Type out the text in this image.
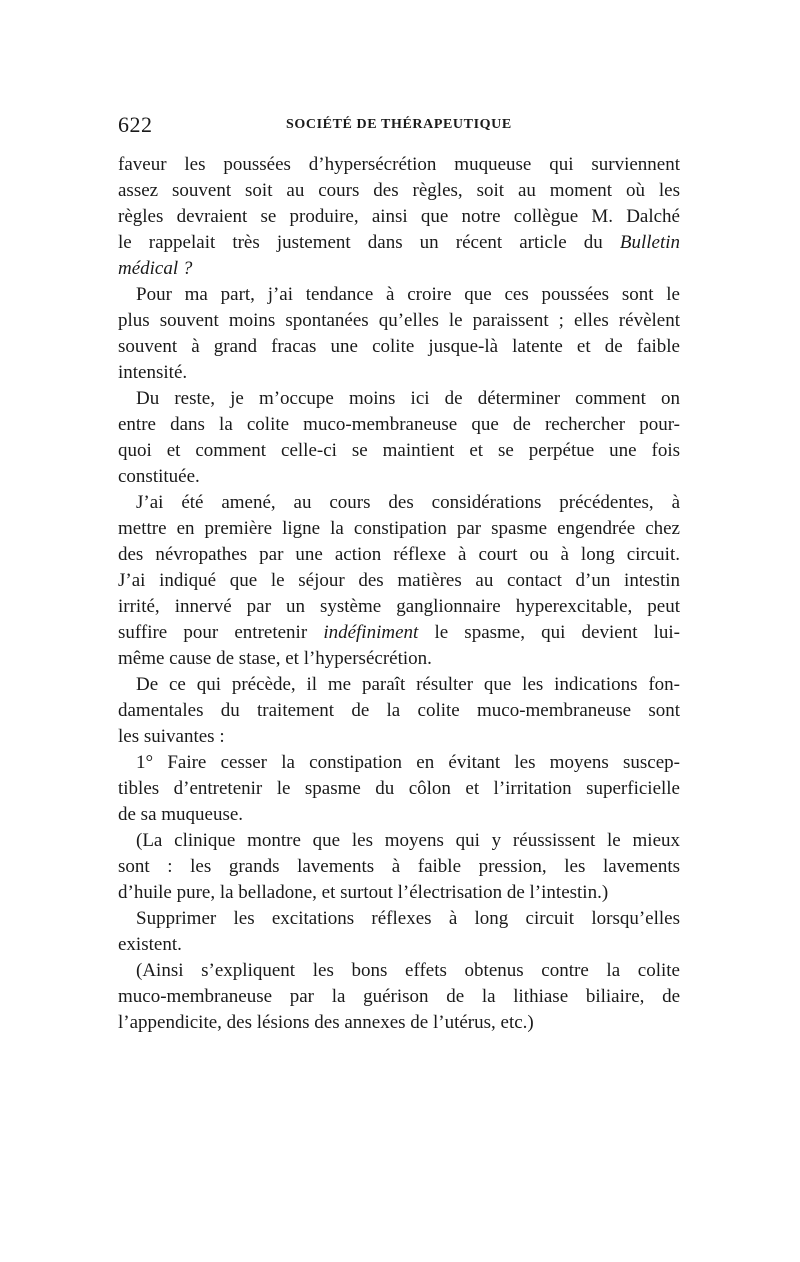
622	SOCIÉTÉ DE THÉRAPEUTIQUE
faveur les poussées d’hypersécrétion muqueuse qui surviennent
assez souvent soit au cours des règles, soit au moment où les
règles devraient se produire, ainsi que notre collègue M. Dalché
le rappelait très justement dans un récent article du Bulletin
médical ?
Pour ma part, j’ai tendance à croire que ces poussées sont le
plus souvent moins spontanées qu’elles le paraissent ; elles révèlent
souvent à grand fracas une colite jusque-là latente et de faible
intensité.
Du reste, je m’occupe moins ici de déterminer comment on
entre dans la colite muco-membraneuse que de rechercher pour-
quoi et comment celle-ci se maintient et se perpétue une fois
constituée.
J’ai été amené, au cours des considérations précédentes, à
mettre en première ligne la constipation par spasme engendrée chez
des névropathes par une action réflexe à court ou à long circuit.
J’ai indiqué que le séjour des matières au contact d’un intestin
irrité, innervé par un système ganglionnaire hyperexcitable, peut
suffire pour entretenir indéfiniment le spasme, qui devient lui-
même cause de stase, et l’hypersécrétion.
De ce qui précède, il me paraît résulter que les indications fon-
damentales du traitement de la colite muco-membraneuse sont
les suivantes :
1° Faire cesser la constipation en évitant les moyens suscep-
tibles d’entretenir le spasme du côlon et l’irritation superficielle
de sa muqueuse.
(La clinique montre que les moyens qui y réussissent le mieux
sont : les grands lavements à faible pression, les lavements
d’huile pure, la belladone, et surtout l’électrisation de l’intestin.)
Supprimer les excitations réflexes à long circuit lorsqu’elles
existent.
(Ainsi s’expliquent les bons effets obtenus contre la colite
muco-membraneuse par la guérison de la lithiase biliaire, de
l’appendicite, des lésions des annexes de l’utérus, etc.)
